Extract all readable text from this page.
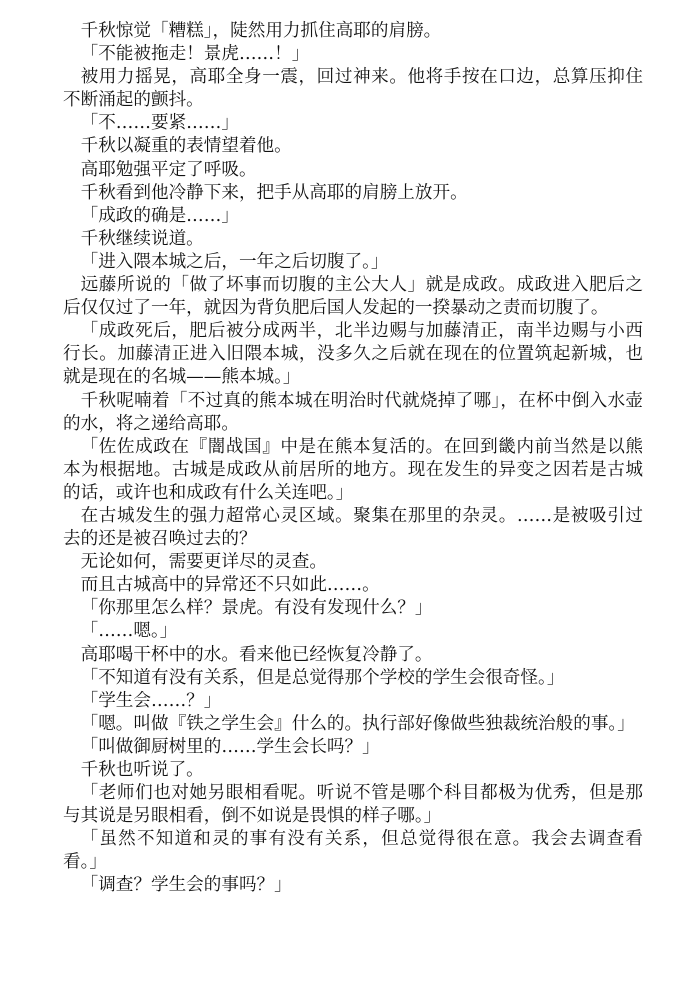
千秋惊觉「糟糕」，陡然用力抓住高耶的肩膀。

「不能被拖走！景虎……！」

被用力摇晃，高耶全身一震，回过神来。他将手按在口边，总算压抑住不断涌起的颤抖。

「不……要紧……」

千秋以凝重的表情望着他。

高耶勉强平定了呼吸。

千秋看到他冷静下来，把手从高耶的肩膀上放开。

「成政的确是……」

千秋继续说道。

「进入隈本城之后，一年之后切腹了。」

远藤所说的「做了坏事而切腹的主公大人」就是成政。成政进入肥后之后仅仅过了一年，就因为背负肥后国人发起的一揆暴动之责而切腹了。

「成政死后，肥后被分成两半，北半边赐与加藤清正，南半边赐与小西行长。加藤清正进入旧隈本城，没多久之后就在现在的位置筑起新城，也就是现在的名城——熊本城。」

千秋呢喃着「不过真的熊本城在明治时代就烧掉了哪」，在杯中倒入水壶的水，将之递给高耶。

「佐佐成政在『闇战国』中是在熊本复活的。在回到畿内前当然是以熊本为根据地。古城是成政从前居所的地方。现在发生的异变之因若是古城的话，或许也和成政有什么关连吧。」

在古城发生的强力超常心灵区域。聚集在那里的杂灵。……是被吸引过去的还是被召唤过去的？

无论如何，需要更详尽的灵查。

而且古城高中的异常还不只如此……。

「你那里怎么样？景虎。有没有发现什么？」

「……嗯。」

高耶喝干杯中的水。看来他已经恢复冷静了。

「不知道有没有关系，但是总觉得那个学校的学生会很奇怪。」

「学生会……？」

「嗯。叫做『铁之学生会』什么的。执行部好像做些独裁统治般的事。」

「叫做御厨树里的……学生会长吗？」

千秋也听说了。

「老师们也对她另眼相看呢。听说不管是哪个科目都极为优秀，但是那与其说是另眼相看，倒不如说是畏惧的样子哪。」

「虽然不知道和灵的事有没有关系，但总觉得很在意。我会去调查看看。」

「调查？学生会的事吗？」
